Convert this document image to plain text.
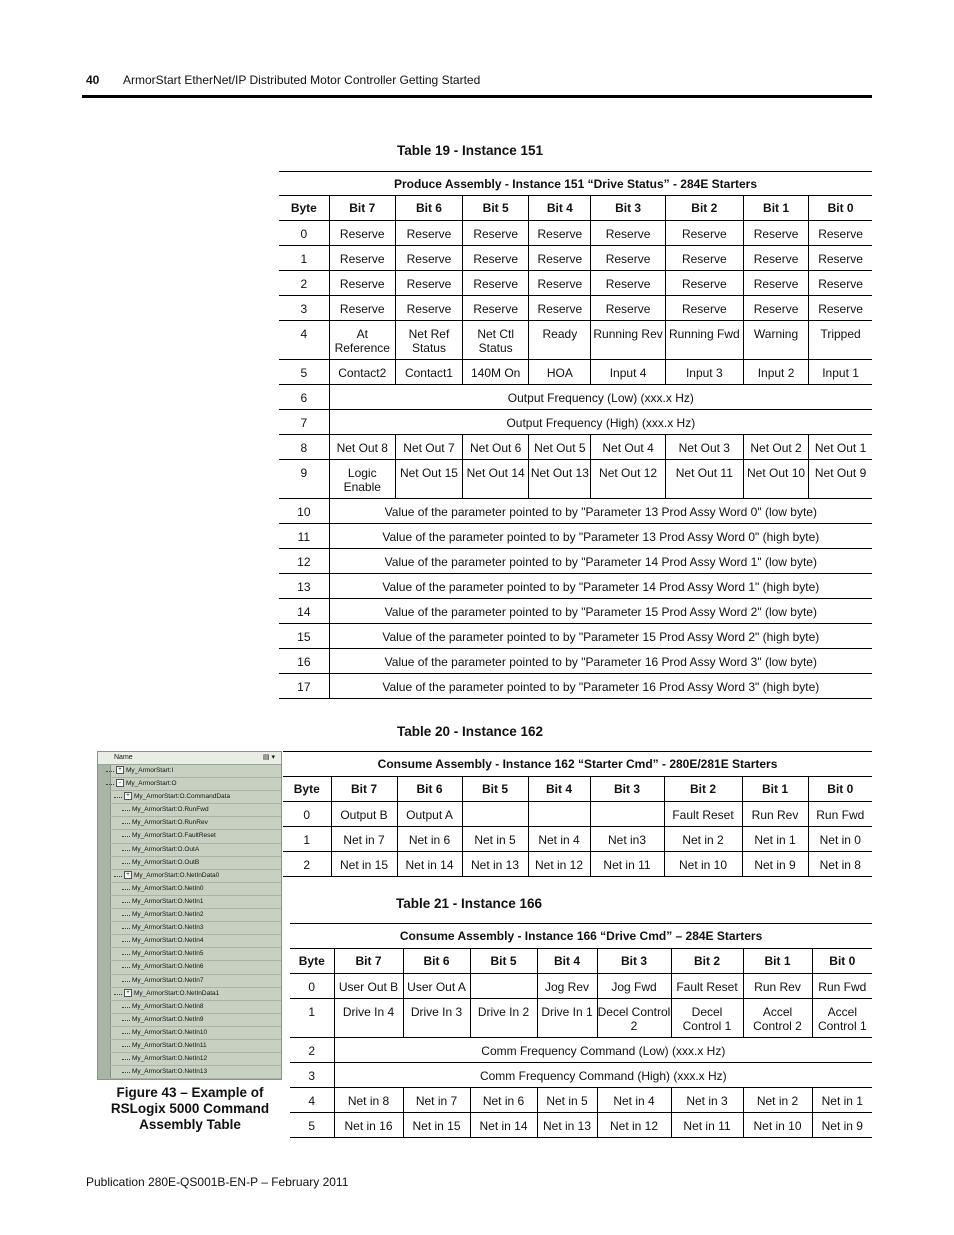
40 ArmorStart EtherNet/IP Distributed Motor Controller Getting Started
Table 19 - Instance 151
Produce Assembly - Instance 151 “Drive Status” - 284E Starters								
Byte	Bit 7	Bit 6	Bit 5	Bit 4	Bit 3	Bit 2	Bit 1	Bit 0

0	Reserve	Reserve	Reserve	Reserve	Reserve	Reserve	Reserve	Reserve

1	Reserve	Reserve	Reserve	Reserve	Reserve	Reserve	Reserve	Reserve

2	Reserve	Reserve	Reserve	Reserve	Reserve	Reserve	Reserve	Reserve

3	Reserve	Reserve	Reserve	Reserve	Reserve	Reserve	Reserve	Reserve

4	At Reference	Net Ref Status	Net Ctl Status	Ready	Running Rev	Running Fwd	Warning	Tripped

5	Contact2	Contact1	140M On	HOA	Input 4	Input 3	Input 2	Input 1

6	Output Frequency (Low) (xxx.x Hz)							

7	Output Frequency (High) (xxx.x Hz)							

8	Net Out 8	Net Out 7	Net Out 6	Net Out 5	Net Out 4	Net Out 3	Net Out 2	Net Out 1

9	Logic Enable	Net Out 15	Net Out 14	Net Out 13	Net Out 12	Net Out 11	Net Out 10	Net Out 9

10	Value of the parameter pointed to by "Parameter 13 Prod Assy Word 0" (low byte)							

11	Value of the parameter pointed to by "Parameter 13 Prod Assy Word 0" (high byte)							

12	Value of the parameter pointed to by "Parameter 14 Prod Assy Word 1" (low byte)							

13	Value of the parameter pointed to by "Parameter 14 Prod Assy Word 1" (high byte)							

14	Value of the parameter pointed to by "Parameter 15 Prod Assy Word 2" (low byte)							

15	Value of the parameter pointed to by "Parameter 15 Prod Assy Word 2" (high byte)							

16	Value of the parameter pointed to by "Parameter 16 Prod Assy Word 3" (low byte)							

17	Value of the parameter pointed to by "Parameter 16 Prod Assy Word 3" (high byte)							
Table 20 - Instance 162
Consume Assembly - Instance 162 “Starter Cmd” - 280E/281E Starters								
Byte	Bit 7	Bit 6	Bit 5	Bit 4	Bit 3	Bit 2	Bit 1	Bit 0

0	Output B	Output A				Fault Reset	Run Rev	Run Fwd

1	Net in 7	Net in 6	Net in 5	Net in 4	Net in3	Net in 2	Net in 1	Net in 0

2	Net in 15	Net in 14	Net in 13	Net in 12	Net in 11	Net in 10	Net in 9	Net in 8
Table 21 - Instance 166
Consume Assembly - Instance 166 “Drive Cmd” – 284E Starters								
Byte	Bit 7	Bit 6	Bit 5	Bit 4	Bit 3	Bit 2	Bit 1	Bit 0

0	User Out B	User Out A		Jog Rev	Jog Fwd	Fault Reset	Run Rev	Run Fwd

1	Drive In 4	Drive In 3	Drive In 2	Drive In 1	Decel Control 2	Decel Control 1	Accel Control 2	Accel Control 1

2	Comm Frequency Command (Low) (xxx.x Hz)							

3	Comm Frequency Command (High) (xxx.x Hz)							

4	Net in 8	Net in 7	Net in 6	Net in 5	Net in 4	Net in 3	Net in 2	Net in 1

5	Net in 16	Net in 15	Net in 14	Net in 13	Net in 12	Net in 11	Net in 10	Net in 9
Name	▤ ▾
+ My_ArmorStart:I
- My_ArmorStart:O
+ My_ArmorStart:O.CommandData
My_ArmorStart:O.RunFwd
My_ArmorStart:O.RunRev
My_ArmorStart:O.FaultReset
My_ArmorStart:O.OutA
My_ArmorStart:O.OutB
+ My_ArmorStart:O.NetInData0
My_ArmorStart:O.NetIn0
My_ArmorStart:O.NetIn1
My_ArmorStart:O.NetIn2
My_ArmorStart:O.NetIn3
My_ArmorStart:O.NetIn4
My_ArmorStart:O.NetIn5
My_ArmorStart:O.NetIn6
My_ArmorStart:O.NetIn7
+ My_ArmorStart:O.NetInData1
My_ArmorStart:O.NetIn8
My_ArmorStart:O.NetIn9
My_ArmorStart:O.NetIn10
My_ArmorStart:O.NetIn11
My_ArmorStart:O.NetIn12
My_ArmorStart:O.NetIn13
Figure 43 – Example of RSLogix 5000 Command Assembly Table
Publication 280E-QS001B-EN-P – February 2011
